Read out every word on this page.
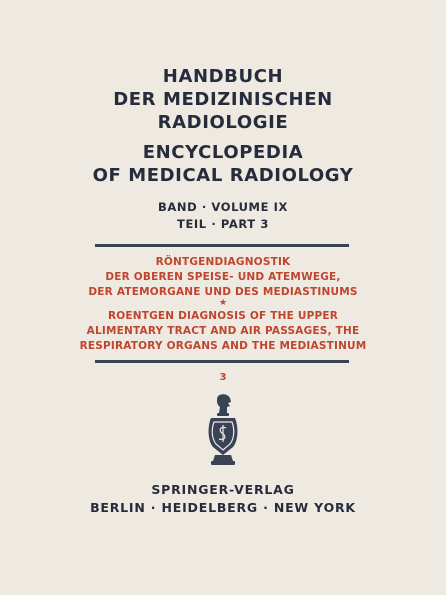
HANDBUCH
DER MEDIZINISCHEN
RADIOLOGIE
ENCYCLOPEDIA
OF MEDICAL RADIOLOGY
BAND · VOLUME IX
TEIL · PART 3
RÖNTGENDIAGNOSTIK
DER OBEREN SPEISE- UND ATEMWEGE,
DER ATEMORGANE UND DES MEDIASTINUMS
★
ROENTGEN DIAGNOSIS OF THE UPPER
ALIMENTARY TRACT AND AIR PASSAGES, THE
RESPIRATORY ORGANS AND THE MEDIASTINUM
3
SPRINGER-VERLAG
BERLIN · HEIDELBERG · NEW YORK
